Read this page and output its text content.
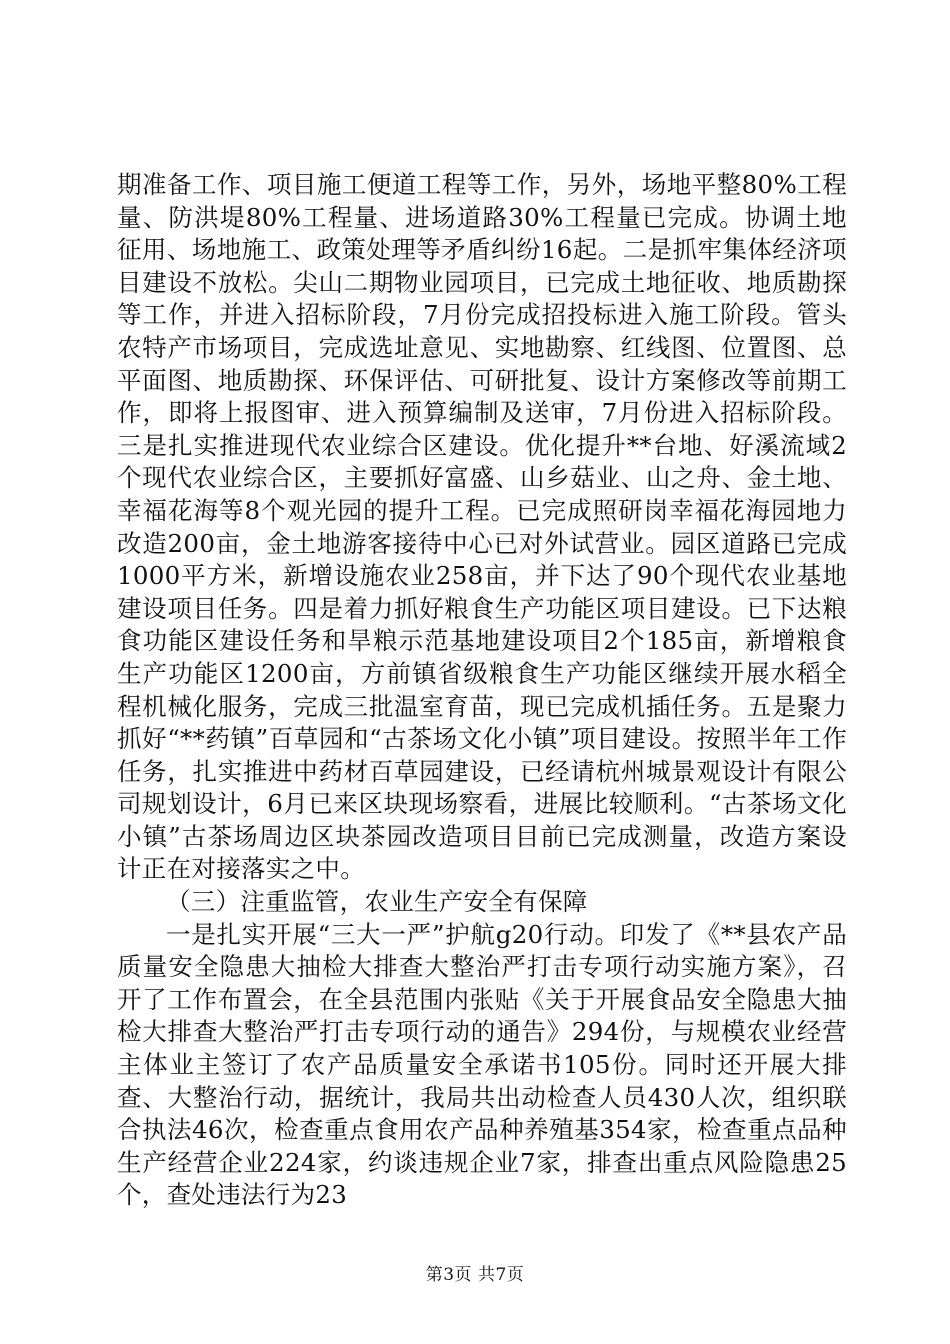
期准备工作、项目施工便道工程等工作，另外，场地平整80%工程量、防洪堤80%工程量、进场道路30%工程量已完成。协调土地征用、场地施工、政策处理等矛盾纠纷16起。二是抓牢集体经济项目建设不放松。尖山二期物业园项目，已完成土地征收、地质勘探等工作，并进入招标阶段，7月份完成招投标进入施工阶段。管头农特产市场项目，完成选址意见、实地勘察、红线图、位置图、总平面图、地质勘探、环保评估、可研批复、设计方案修改等前期工作，即将上报图审、进入预算编制及送审，7月份进入招标阶段。三是扎实推进现代农业综合区建设。优化提升**台地、好溪流域2个现代农业综合区，主要抓好富盛、山乡菇业、山之舟、金土地、幸福花海等8个观光园的提升工程。已完成照研岗幸福花海园地力改造200亩，金土地游客接待中心已对外试营业。园区道路已完成1000平方米，新增设施农业258亩，并下达了90个现代农业基地建设项目任务。四是着力抓好粮食生产功能区项目建设。已下达粮食功能区建设任务和旱粮示范基地建设项目2个185亩，新增粮食生产功能区1200亩，方前镇省级粮食生产功能区继续开展水稻全程机械化服务，完成三批温室育苗，现已完成机插任务。五是聚力抓好“**药镇”百草园和“古茶场文化小镇”项目建设。按照半年工作任务，扎实推进中药材百草园建设，已经请杭州城景观设计有限公司规划设计，6月已来区块现场察看，进展比较顺利。“古茶场文化小镇”古茶场周边区块茶园改造项目目前已完成测量，改造方案设计正在对接落实之中。

（三）注重监管，农业生产安全有保障

一是扎实开展“三大一严”护航g20行动。印发了《**县农产品质量安全隐患大抽检大排查大整治严打击专项行动实施方案》，召开了工作布置会，在全县范围内张贴《关于开展食品安全隐患大抽检大排查大整治严打击专项行动的通告》294份，与规模农业经营主体业主签订了农产品质量安全承诺书105份。同时还开展大排查、大整治行动，据统计，我局共出动检查人员430人次，组织联合执法46次，检查重点食用农产品种养殖基354家，检查重点品种生产经营企业224家，约谈违规企业7家，排查出重点风险隐患25个，查处违法行为23

第3页 共7页
